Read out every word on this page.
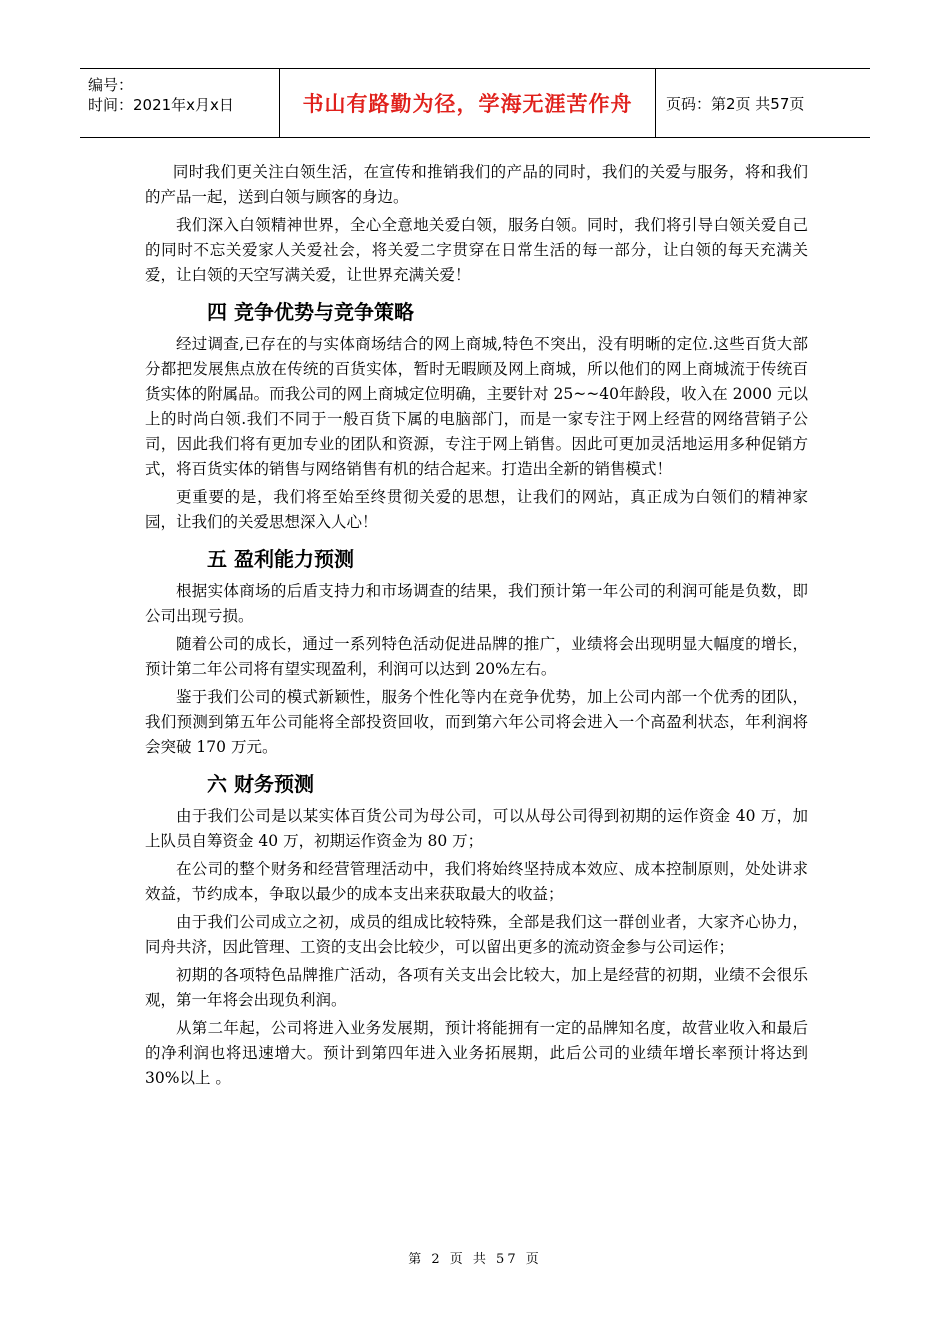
编号：
时间：2021年x月x日	书山有路勤为径，学海无涯苦作舟 页码：第2页 共57页

同时我们更关注白领生活，在宣传和推销我们的产品的同时，我们的关爱与服务，将和我们的产品一起，送到白领与顾客的身边。

我们深入白领精神世界，全心全意地关爱白领，服务白领。同时，我们将引导白领关爱自己的同时不忘关爱家人关爱社会，将关爱二字贯穿在日常生活的每一部分，让白领的每天充满关爱，让白领的天空写满关爱，让世界充满关爱！

四 竞争优势与竞争策略

经过调查,已存在的与实体商场结合的网上商城,特色不突出，没有明晰的定位.这些百货大部分都把发展焦点放在传统的百货实体，暂时无暇顾及网上商城，所以他们的网上商城流于传统百货实体的附属品。而我公司的网上商城定位明确，主要针对 25~~40年龄段，收入在 2000 元以上的时尚白领.我们不同于一般百货下属的电脑部门，而是一家专注于网上经营的网络营销子公司，因此我们将有更加专业的团队和资源，专注于网上销售。因此可更加灵活地运用多种促销方式，将百货实体的销售与网络销售有机的结合起来。打造出全新的销售模式！

更重要的是，我们将至始至终贯彻关爱的思想，让我们的网站，真正成为白领们的精神家园，让我们的关爱思想深入人心！

五 盈利能力预测

根据实体商场的后盾支持力和市场调查的结果，我们预计第一年公司的利润可能是负数，即公司出现亏损。

随着公司的成长，通过一系列特色活动促进品牌的推广，业绩将会出现明显大幅度的增长，预计第二年公司将有望实现盈利，利润可以达到 20%左右。

鉴于我们公司的模式新颖性，服务个性化等内在竞争优势，加上公司内部一个优秀的团队，我们预测到第五年公司能将全部投资回收，而到第六年公司将会进入一个高盈利状态，年利润将会突破 170 万元。

六 财务预测

由于我们公司是以某实体百货公司为母公司，可以从母公司得到初期的运作资金 40 万，加上队员自筹资金 40 万，初期运作资金为 80 万；

在公司的整个财务和经营管理活动中，我们将始终坚持成本效应、成本控制原则，处处讲求效益，节约成本，争取以最少的成本支出来获取最大的收益；

由于我们公司成立之初，成员的组成比较特殊，全部是我们这一群创业者，大家齐心协力，同舟共济，因此管理、工资的支出会比较少，可以留出更多的流动资金参与公司运作；

初期的各项特色品牌推广活动，各项有关支出会比较大，加上是经营的初期，业绩不会很乐观，第一年将会出现负利润。

从第二年起，公司将进入业务发展期，预计将能拥有一定的品牌知名度，故营业收入和最后的净利润也将迅速增大。预计到第四年进入业务拓展期，此后公司的业绩年增长率预计将达到 30%以上 。

第 2 页 共 57 页
